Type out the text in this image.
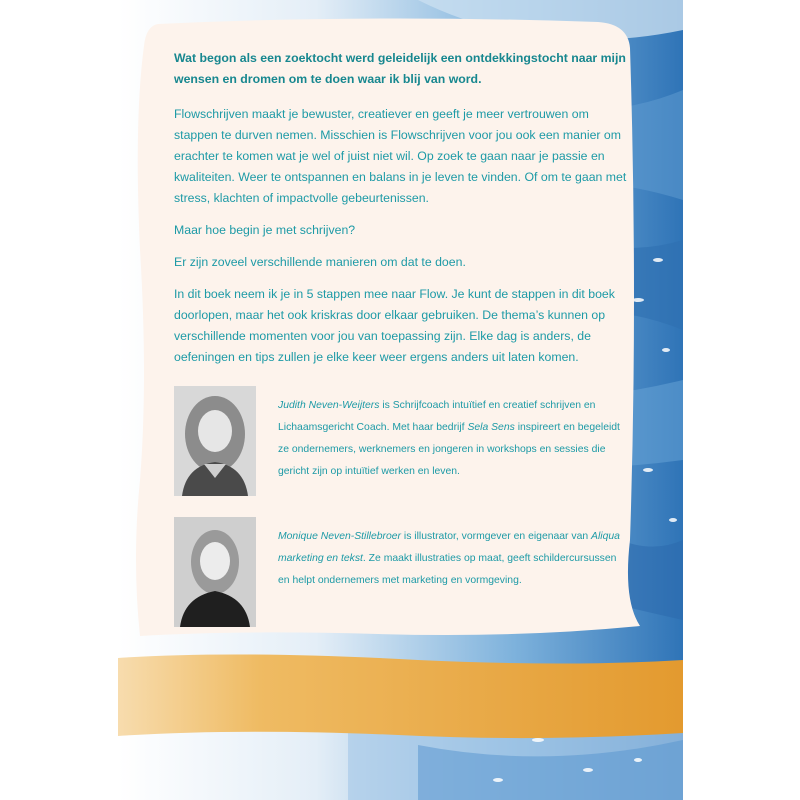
Wat begon als een zoektocht werd geleidelijk een ontdekkingstocht naar mijn wensen en dromen om te doen waar ik blij van word.

Flowschrijven maakt je bewuster, creatiever en geeft je meer vertrouwen om stappen te durven nemen. Misschien is Flowschrijven voor jou ook een manier om erachter te komen wat je wel of juist niet wil. Op zoek te gaan naar je passie en kwaliteiten. Weer te ontspannen en balans in je leven te vinden. Of om te gaan met stress, klachten of impactvolle gebeurtenissen.

Maar hoe begin je met schrijven?

Er zijn zoveel verschillende manieren om dat te doen.

In dit boek neem ik je in 5 stappen mee naar Flow. Je kunt de stappen in dit boek doorlopen, maar het ook kriskras door elkaar gebruiken. De thema’s kunnen op verschillende momenten voor jou van toepassing zijn. Elke dag is anders, de oefeningen en tips zullen je elke keer weer ergens anders uit laten komen.

Judith Neven-Weijters is Schrijfcoach intuïtief en creatief schrijven en Lichaamsgericht Coach. Met haar bedrijf Sela Sens inspireert en begeleidt ze ondernemers, werknemers en jongeren in workshops en sessies die gericht zijn op intuïtief werken en leven.
Monique Neven-Stillebroer is illustrator, vormgever en eigenaar van Aliqua marketing en tekst. Ze maakt illustraties op maat, geeft schildercursussen en helpt ondernemers met marketing en vormgeving.
